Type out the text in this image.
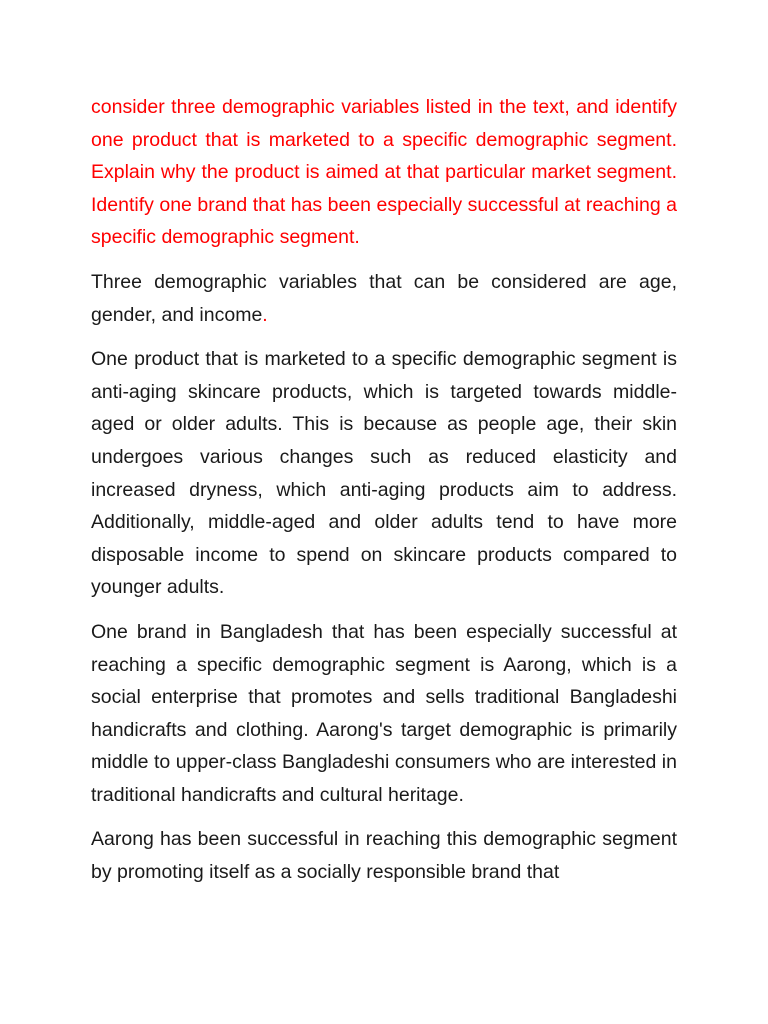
consider three demographic variables listed in the text, and identify one product that is marketed to a specific demographic segment. Explain why the product is aimed at that particular market segment. Identify one brand that has been especially successful at reaching a specific demographic segment.

Three demographic variables that can be considered are age, gender, and income.

One product that is marketed to a specific demographic segment is anti-aging skincare products, which is targeted towards middle-aged or older adults. This is because as people age, their skin undergoes various changes such as reduced elasticity and increased dryness, which anti-aging products aim to address. Additionally, middle-aged and older adults tend to have more disposable income to spend on skincare products compared to younger adults.

One brand in Bangladesh that has been especially successful at reaching a specific demographic segment is Aarong, which is a social enterprise that promotes and sells traditional Bangladeshi handicrafts and clothing. Aarong's target demographic is primarily middle to upper-class Bangladeshi consumers who are interested in traditional handicrafts and cultural heritage.

Aarong has been successful in reaching this demographic segment by promoting itself as a socially responsible brand that
